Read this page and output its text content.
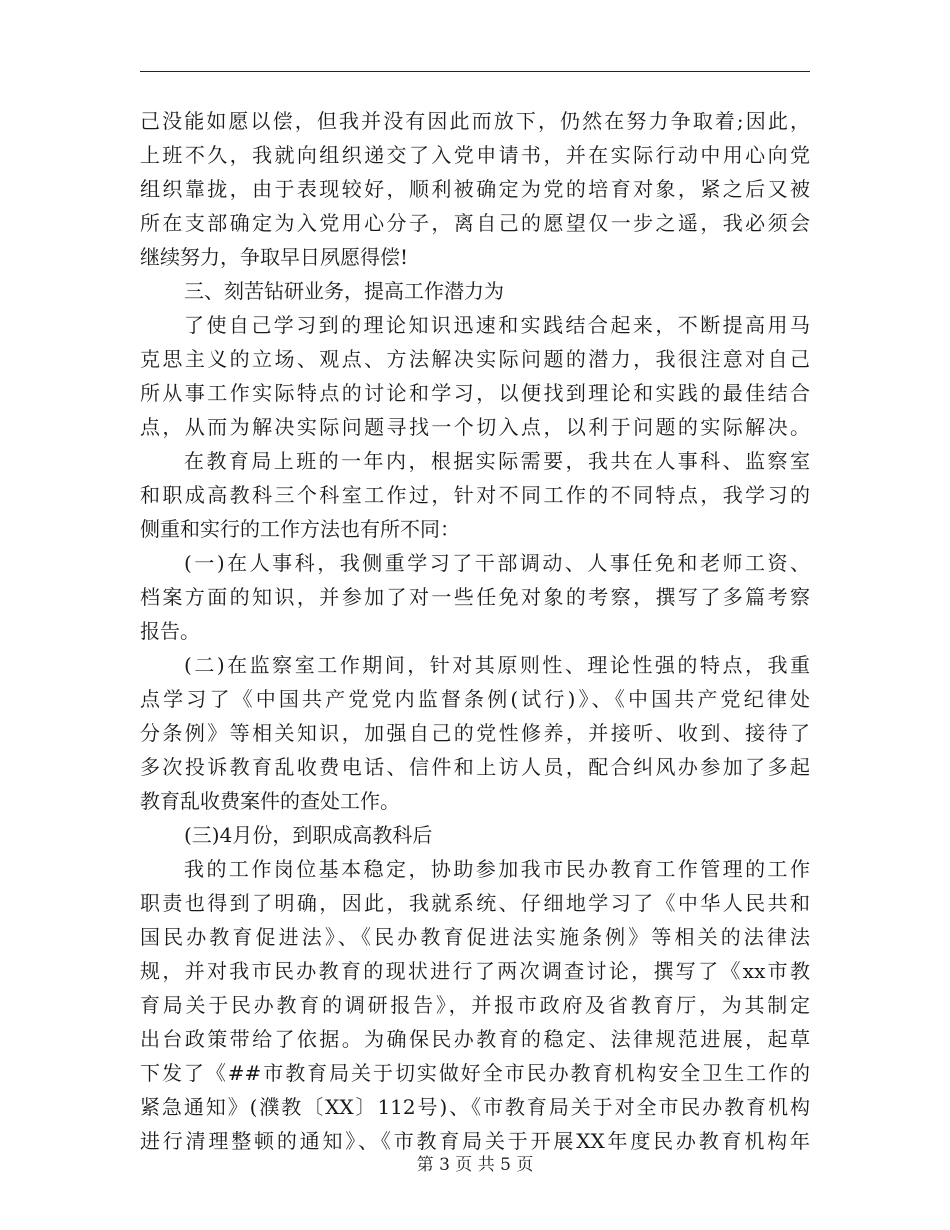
己没能如愿以偿，但我并没有因此而放下，仍然在努力争取着;因此，
上班不久，我就向组织递交了入党申请书，并在实际行动中用心向党
组织靠拢，由于表现较好，顺利被确定为党的培育对象，紧之后又被
所在支部确定为入党用心分子，离自己的愿望仅一步之遥，我必须会
继续努力，争取早日夙愿得偿!
三、刻苦钻研业务，提高工作潜力为
了使自己学习到的理论知识迅速和实践结合起来，不断提高用马
克思主义的立场、观点、方法解决实际问题的潜力，我很注意对自己
所从事工作实际特点的讨论和学习，以便找到理论和实践的最佳结合
点，从而为解决实际问题寻找一个切入点，以利于问题的实际解决。
在教育局上班的一年内，根据实际需要，我共在人事科、监察室
和职成高教科三个科室工作过，针对不同工作的不同特点，我学习的
侧重和实行的工作方法也有所不同：
(一)在人事科，我侧重学习了干部调动、人事任免和老师工资、
档案方面的知识，并参加了对一些任免对象的考察，撰写了多篇考察
报告。
(二)在监察室工作期间，针对其原则性、理论性强的特点，我重
点学习了《中国共产党党内监督条例(试行)》、《中国共产党纪律处
分条例》等相关知识，加强自己的党性修养，并接听、收到、接待了
多次投诉教育乱收费电话、信件和上访人员，配合纠风办参加了多起
教育乱收费案件的查处工作。
(三)4月份，到职成高教科后
我的工作岗位基本稳定，协助参加我市民办教育工作管理的工作
职责也得到了明确，因此，我就系统、仔细地学习了《中华人民共和
国民办教育促进法》、《民办教育促进法实施条例》等相关的法律法
规，并对我市民办教育的现状进行了两次调查讨论，撰写了《xx市教
育局关于民办教育的调研报告》，并报市政府及省教育厅，为其制定
出台政策带给了依据。为确保民办教育的稳定、法律规范进展，起草
下发了《##市教育局关于切实做好全市民办教育机构安全卫生工作的
紧急通知》(濮教〔XX〕112号)、《市教育局关于对全市民办教育机构
进行清理整顿的通知》、《市教育局关于开展XX年度民办教育机构年
第 3 页 共 5 页
